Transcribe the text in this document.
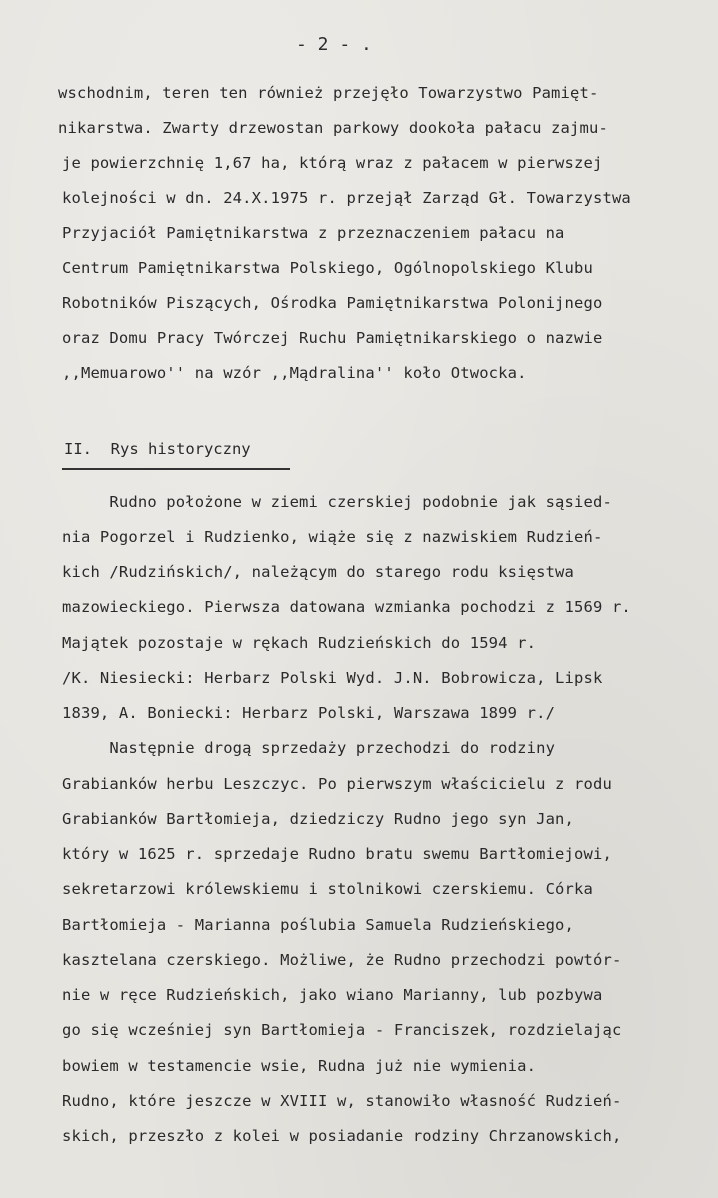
- 2 - .
wschodnim, teren ten również przejęło Towarzystwo Pamięt-
nikarstwa. Zwarty drzewostan parkowy dookoła pałacu zajmu-
je powierzchnię 1,67 ha, którą wraz z pałacem w pierwszej
kolejności w dn. 24.X.1975 r. przejął Zarząd Gł. Towarzystwa
Przyjaciół Pamiętnikarstwa z przeznaczeniem pałacu na
Centrum Pamiętnikarstwa Polskiego, Ogólnopolskiego Klubu
Robotników Piszących, Ośrodka Pamiętnikarstwa Polonijnego
oraz Domu Pracy Twórczej Ruchu Pamiętnikarskiego o nazwie
,,Memuarowo'' na wzór ,,Mądralina'' koło Otwocka.
II.  Rys historyczny
Rudno położone w ziemi czerskiej podobnie jak sąsied-
nia Pogorzel i Rudzienko, wiąże się z nazwiskiem Rudzień-
kich /Rudzińskich/, należącym do starego rodu księstwa
mazowieckiego. Pierwsza datowana wzmianka pochodzi z 1569 r.
Majątek pozostaje w rękach Rudzieńskich do 1594 r.
/K. Niesiecki: Herbarz Polski Wyd. J.N. Bobrowicza, Lipsk
1839, A. Boniecki: Herbarz Polski, Warszawa 1899 r./
Następnie drogą sprzedaży przechodzi do rodziny
Grabianków herbu Leszczyc. Po pierwszym właścicielu z rodu
Grabianków Bartłomieja, dziedziczy Rudno jego syn Jan,
który w 1625 r. sprzedaje Rudno bratu swemu Bartłomiejowi,
sekretarzowi królewskiemu i stolnikowi czerskiemu. Córka
Bartłomieja - Marianna poślubia Samuela Rudzieńskiego,
kasztelana czerskiego. Możliwe, że Rudno przechodzi powtór-
nie w ręce Rudzieńskich, jako wiano Marianny, lub pozbywa
go się wcześniej syn Bartłomieja - Franciszek, rozdzielając
bowiem w testamencie wsie, Rudna już nie wymienia.
Rudno, które jeszcze w XVIII w, stanowiło własność Rudzień-
skich, przeszło z kolei w posiadanie rodziny Chrzanowskich,
